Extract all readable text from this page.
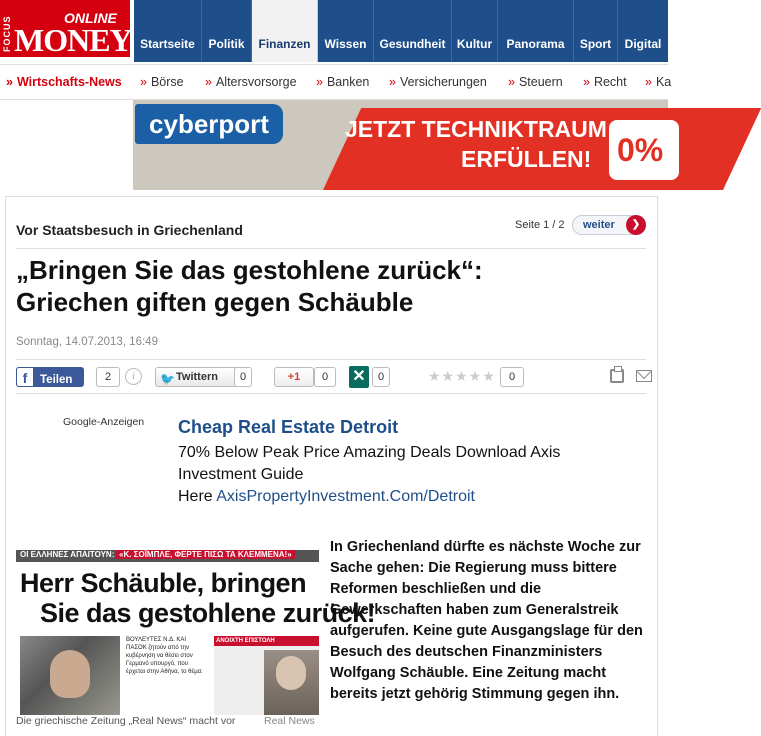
FOCUS	ONLINE
MONEY Startseite	Politik	Finanzen	Wissen	Gesundheit Kultur	Panorama	Sport	Digital
» Wirtschafts-News » Börse » Altersvorsorge » Banken » Versicherungen » Steuern » Recht » Ka
cyberport	JETZT TECHNIKTRAUM
ERFÜLLEN! 0%
Vor Staatsbesuch in Griechenland	Seite 1 / 2	weiter	❯
„Bringen Sie das gestohlene zurück“:
Griechen giften gegen Schäuble
Sonntag, 14.07.2013, 16:49
f Teilen	2	i	🐦 Twittern	0	+1	0	✕	0	★★★★★	0
Google-Anzeigen Cheap Real Estate Detroit
70% Below Peak Price Amazing Deals Download Axis
Investment Guide
Here AxisPropertyInvestment.Com/Detroit
ΟΙ ΕΛΛΗΝΕΣ ΑΠΑΙΤΟΥΝ: «Κ. ΣΟΪΜΠΛΕ, ΦΕΡΤΕ ΠΙΣΩ ΤΑ ΚΛΕΜΜΕΝΑ!»
Herr Schäuble, bringen
Sie das gestohlene zurück!
ΒΟΥΛΕΥΤΕΣ Ν.Δ. ΚΑΙ ΠΑΣΟΚ ζητούν από την κυβέρνηση να θέσει στον Γερμανό υπουργό, που έρχεται στην Αθήνα, το θέμα:
ΑΝΟΙΧΤΗ ΕΠΙΣΤΟΛΗ
Die griechische Zeitung „Real News“ macht vor	Real News
In Griechenland dürfte es nächste Woche zur Sache gehen: Die Regierung muss bittere Reformen beschließen und die Gewerkschaften haben zum Generalstreik aufgerufen. Keine gute Ausgangslage für den Besuch des deutschen Finanzministers Wolfgang Schäuble. Eine Zeitung macht bereits jetzt gehörig Stimmung gegen ihn.
